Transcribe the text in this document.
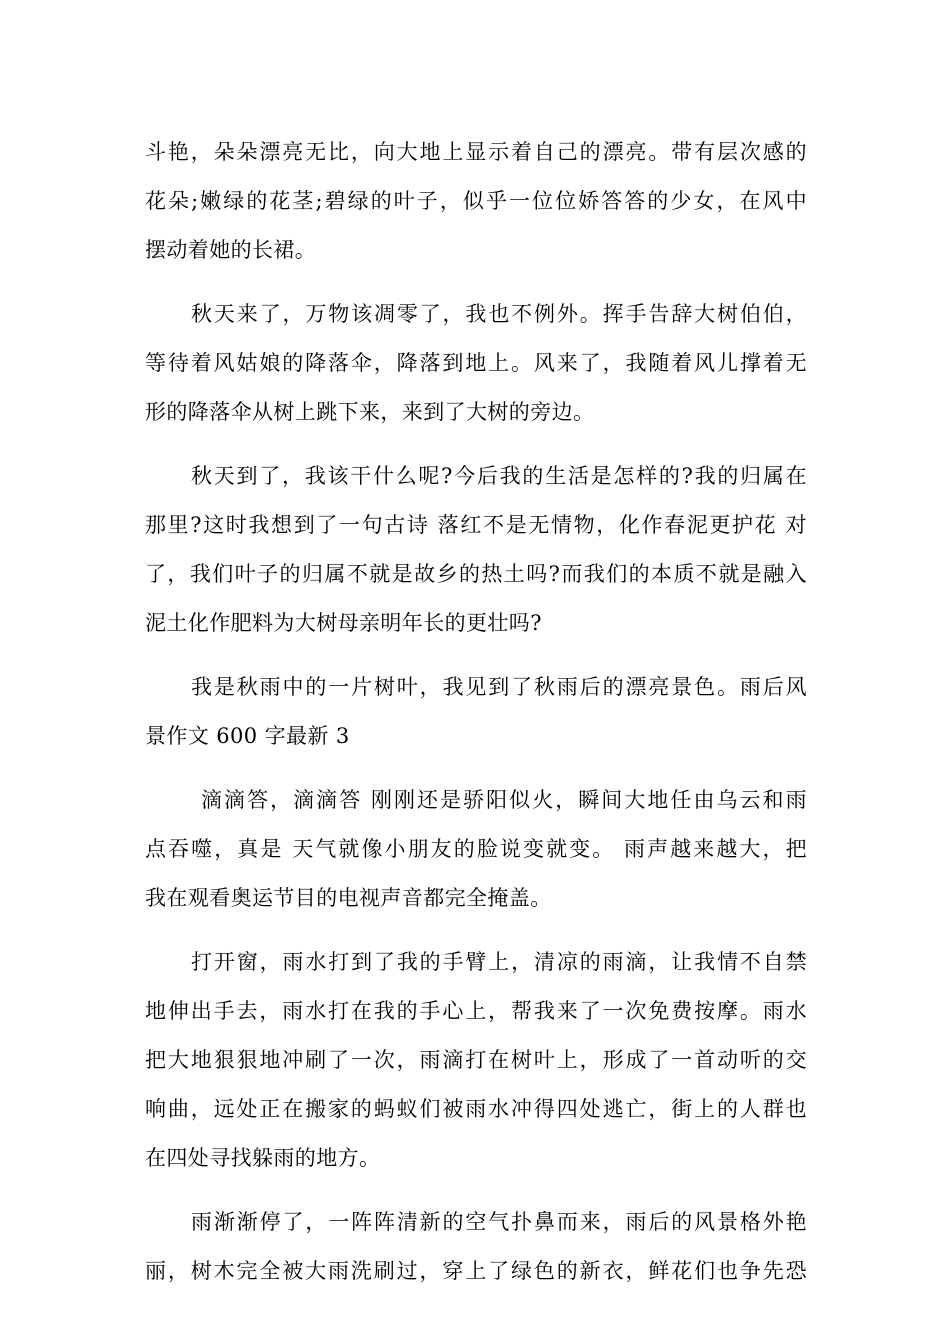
斗艳，朵朵漂亮无比，向大地上显示着自己的漂亮。带有层次感的
花朵;嫩绿的花茎;碧绿的叶子，似乎一位位娇答答的少女，在风中
摆动着她的长裙。
秋天来了，万物该凋零了，我也不例外。挥手告辞大树伯伯，
等待着风姑娘的降落伞，降落到地上。风来了，我随着风儿撑着无
形的降落伞从树上跳下来，来到了大树的旁边。
秋天到了，我该干什么呢?今后我的生活是怎样的?我的归属在
那里?这时我想到了一句古诗 落红不是无情物，化作春泥更护花 对
了，我们叶子的归属不就是故乡的热土吗?而我们的本质不就是融入
泥土化作肥料为大树母亲明年长的更壮吗?
我是秋雨中的一片树叶，我见到了秋雨后的漂亮景色。雨后风
景作文 600 字最新 3
滴滴答，滴滴答 刚刚还是骄阳似火，瞬间大地任由乌云和雨
点吞噬，真是 天气就像小朋友的脸说变就变。 雨声越来越大，把
我在观看奥运节目的电视声音都完全掩盖。
打开窗，雨水打到了我的手臂上，清凉的雨滴，让我情不自禁
地伸出手去，雨水打在我的手心上，帮我来了一次免费按摩。雨水
把大地狠狠地冲刷了一次，雨滴打在树叶上，形成了一首动听的交
响曲，远处正在搬家的蚂蚁们被雨水冲得四处逃亡，街上的人群也
在四处寻找躲雨的地方。
雨渐渐停了，一阵阵清新的空气扑鼻而来，雨后的风景格外艳
丽，树木完全被大雨洗刷过，穿上了绿色的新衣，鲜花们也争先恐
